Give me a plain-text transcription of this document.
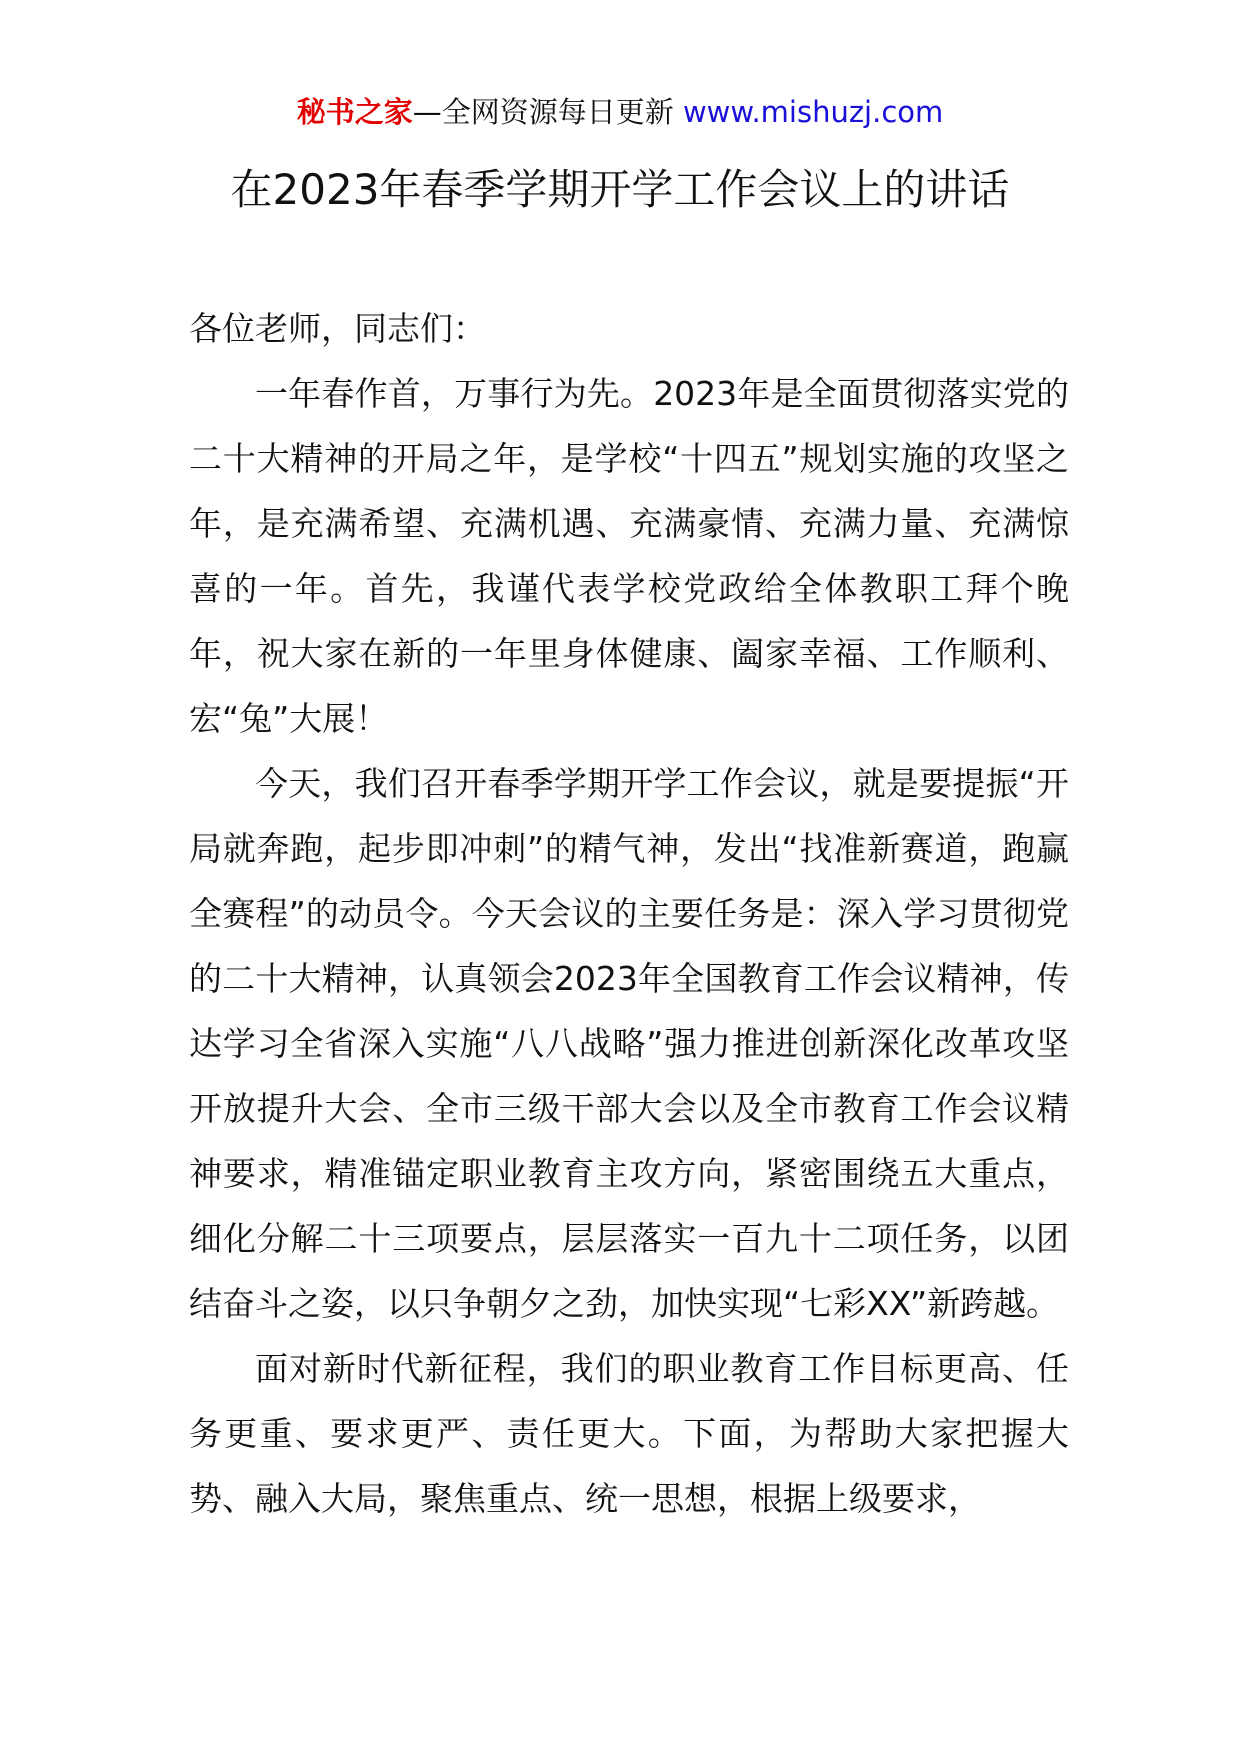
秘书之家—全网资源每日更新 www.mishuzj.com
在2023年春季学期开学工作会议上的讲话

各位老师，同志们：

一年春作首，万事行为先。2023年是全面贯彻落实党的二十大精神的开局之年，是学校“十四五”规划实施的攻坚之年，是充满希望、充满机遇、充满豪情、充满力量、充满惊喜的一年。首先，我谨代表学校党政给全体教职工拜个晚年，祝大家在新的一年里身体健康、阖家幸福、工作顺利、宏“兔”大展！

今天，我们召开春季学期开学工作会议，就是要提振“开局就奔跑，起步即冲刺”的精气神，发出“找准新赛道，跑赢全赛程”的动员令。今天会议的主要任务是：深入学习贯彻党的二十大精神，认真领会2023年全国教育工作会议精神，传达学习全省深入实施“八八战略”强力推进创新深化改革攻坚开放提升大会、全市三级干部大会以及全市教育工作会议精神要求，精准锚定职业教育主攻方向，紧密围绕五大重点，细化分解二十三项要点，层层落实一百九十二项任务，以团结奋斗之姿，以只争朝夕之劲，加快实现“七彩XX”新跨越。

面对新时代新征程，我们的职业教育工作目标更高、任务更重、要求更严、责任更大。下面，为帮助大家把握大势、融入大局，聚焦重点、统一思想，根据上级要求，
